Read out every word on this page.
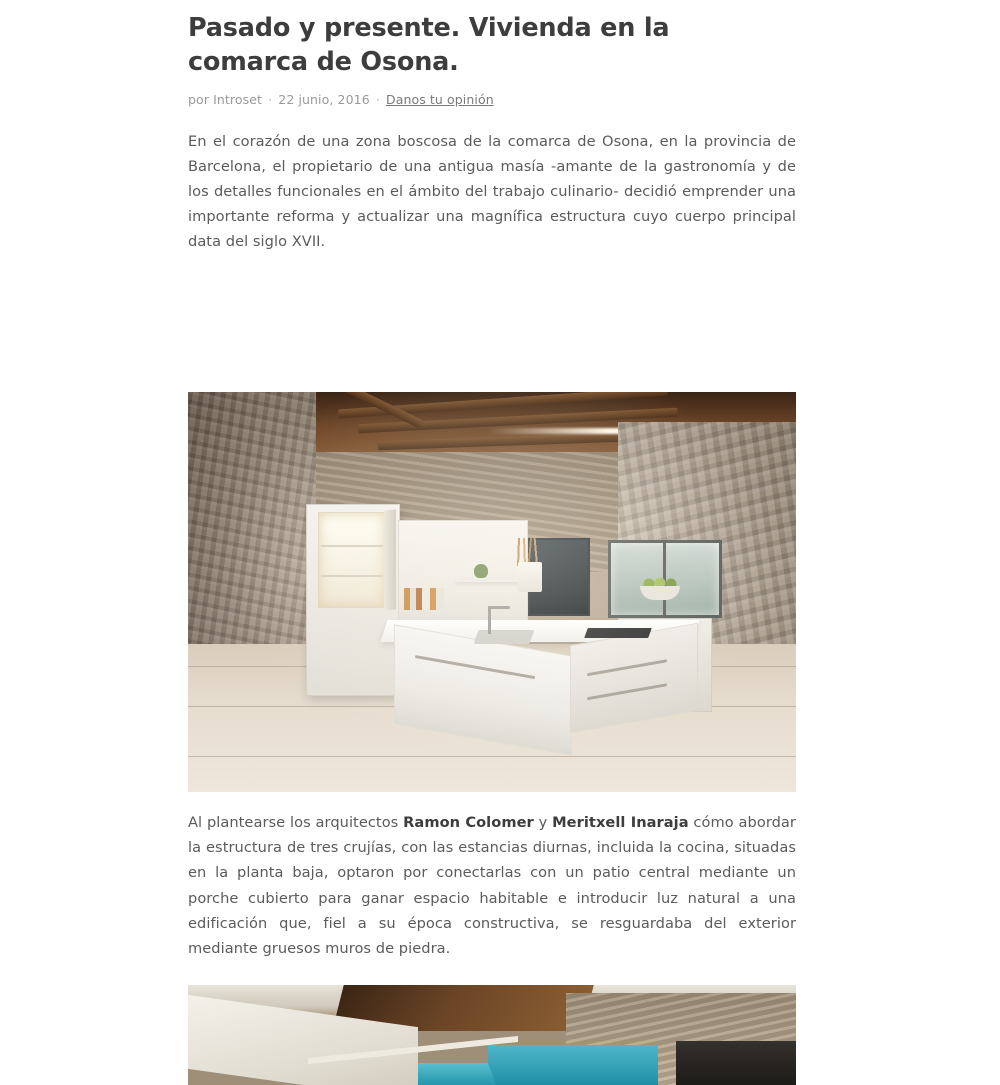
Pasado y presente. Vivienda en la comarca de Osona.
por Introset · 22 junio, 2016 · Danos tu opinión

En el corazón de una zona boscosa de la comarca de Osona, en la provincia de Barcelona, el propietario de una antigua masía -amante de la gastronomía y de los detalles funcionales en el ámbito del trabajo culinario- decidió emprender una importante reforma y actualizar una magnífica estructura cuyo cuerpo principal data del siglo XVII.

Al plantearse los arquitectos Ramon Colomer y Meritxell Inaraja cómo abordar la estructura de tres crujías, con las estancias diurnas, incluida la cocina, situadas en la planta baja, optaron por conectarlas con un patio central mediante un porche cubierto para ganar espacio habitable e introducir luz natural a una edificación que, fiel a su época constructiva, se resguardaba del exterior mediante gruesos muros de piedra.
